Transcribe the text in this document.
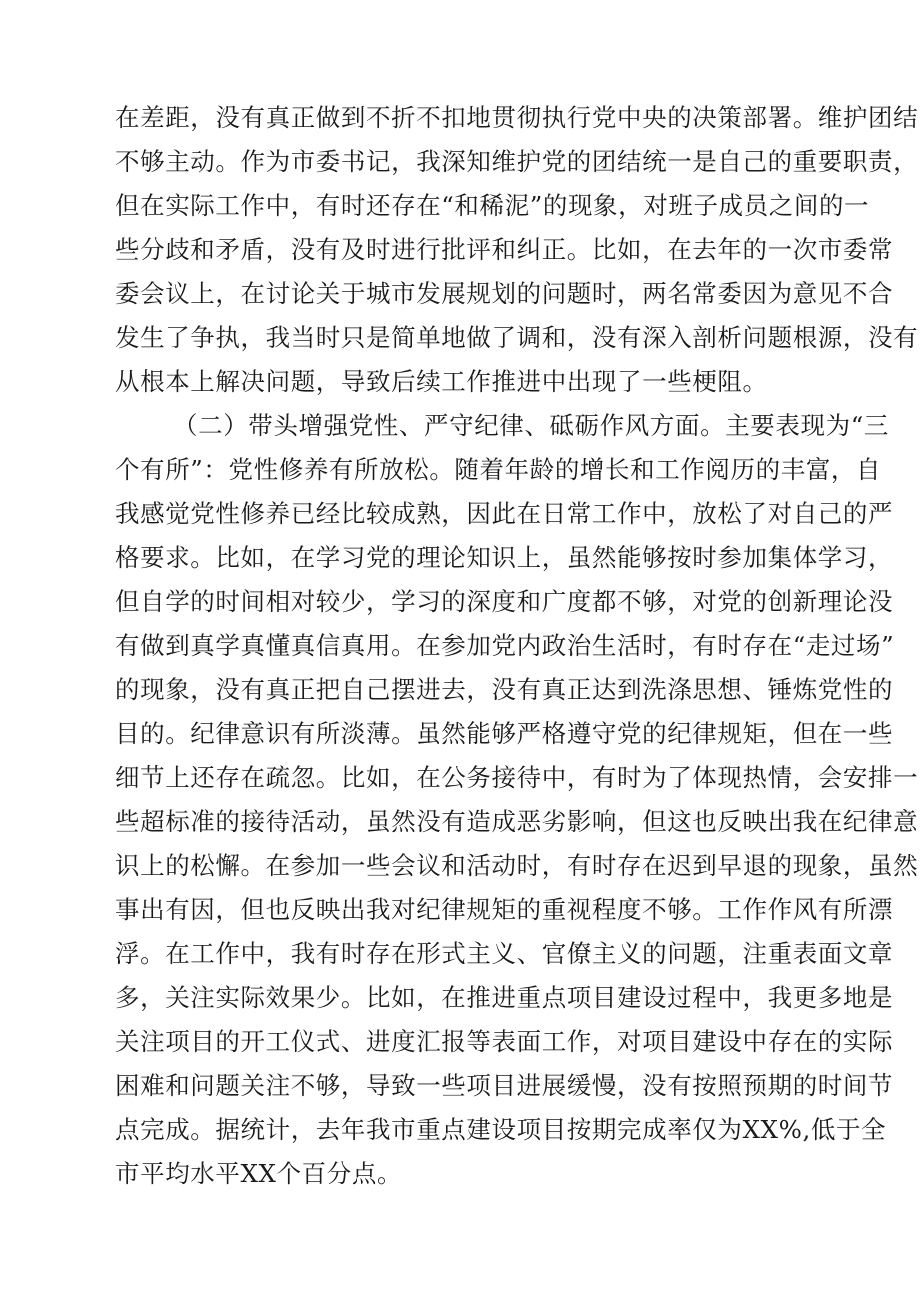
在差距，没有真正做到不折不扣地贯彻执行党中央的决策部署。维护团结
不够主动。作为市委书记，我深知维护党的团结统一是自己的重要职责，
但在实际工作中，有时还存在“和稀泥”的现象，对班子成员之间的一
些分歧和矛盾，没有及时进行批评和纠正。比如，在去年的一次市委常
委会议上，在讨论关于城市发展规划的问题时，两名常委因为意见不合
发生了争执，我当时只是简单地做了调和，没有深入剖析问题根源，没有
从根本上解决问题，导致后续工作推进中出现了一些梗阻。
（二）带头增强党性、严守纪律、砥砺作风方面。主要表现为“三
个有所”：党性修养有所放松。随着年龄的增长和工作阅历的丰富，自
我感觉党性修养已经比较成熟，因此在日常工作中，放松了对自己的严
格要求。比如，在学习党的理论知识上，虽然能够按时参加集体学习，
但自学的时间相对较少，学习的深度和广度都不够，对党的创新理论没
有做到真学真懂真信真用。在参加党内政治生活时，有时存在“走过场”
的现象，没有真正把自己摆进去，没有真正达到洗涤思想、锤炼党性的
目的。纪律意识有所淡薄。虽然能够严格遵守党的纪律规矩，但在一些
细节上还存在疏忽。比如，在公务接待中，有时为了体现热情，会安排一
些超标准的接待活动，虽然没有造成恶劣影响，但这也反映出我在纪律意
识上的松懈。在参加一些会议和活动时，有时存在迟到早退的现象，虽然
事出有因，但也反映出我对纪律规矩的重视程度不够。工作作风有所漂
浮。在工作中，我有时存在形式主义、官僚主义的问题，注重表面文章
多，关注实际效果少。比如，在推进重点项目建设过程中，我更多地是
关注项目的开工仪式、进度汇报等表面工作，对项目建设中存在的实际
困难和问题关注不够，导致一些项目进展缓慢，没有按照预期的时间节
点完成。据统计，去年我市重点建设项目按期完成率仅为XX%,低于全
市平均水平XX个百分点。
